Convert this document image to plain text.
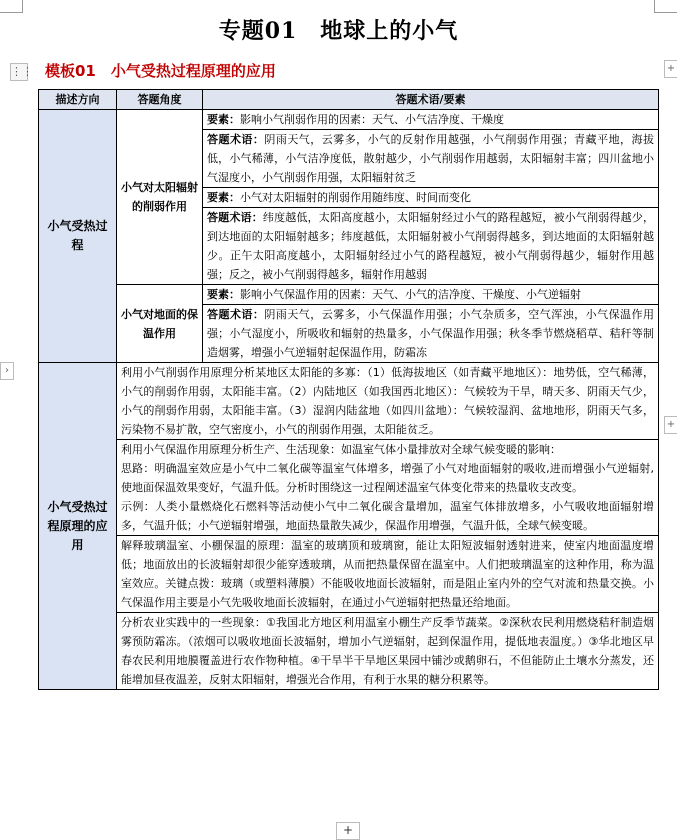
专题01　地球上的小气
⋮⋮ 模板01　小气受热过程原理的应用
›
+
+
描述方向	答题角度	答题术语/要素
小气受热过程	小气对太阳辐射的削弱作用	要素：影响小气削弱作用的因素：天气、小气洁净度、干燥度
		答题术语：阴雨天气，云雾多，小气的反射作用越强，小气削弱作用强；青藏平地，海拔低，小气稀薄，小气洁净度低，散射越少，小气削弱作用越弱，太阳辐射丰富；四川盆地小气湿度小，小气削弱作用强，太阳辐射贫乏
		要素：小气对太阳辐射的削弱作用随纬度、时间而变化
		答题术语：纬度越低，太阳高度越小，太阳辐射经过小气的路程越短，被小气削弱得越少，到达地面的太阳辐射越多；纬度越低，太阳辐射被小气削弱得越多，到达地面的太阳辐射越少。正午太阳高度越小，太阳辐射经过小气的路程越短，被小气削弱得越少，辐射作用越强；反之，被小气削弱得越多，辐射作用越弱
	小气对地面的保温作用	要素：影响小气保温作用的因素：天气、小气的洁净度、干燥度、小气逆辐射
		答题术语：阴雨天气，云雾多，小气保温作用强；小气杂质多，空气浑浊，小气保温作用强；小气湿度小，所吸收和辐射的热量多，小气保温作用强；秋冬季节燃烧稻草、秸秆等制造烟雾，增强小气逆辐射起保温作用，防霜冻
小气受热过程原理的应用	利用小气削弱作用原理分析某地区太阳能的多寡：（1）低海拔地区（如青藏平地地区）：地势低，空气稀薄，小气的削弱作用弱，太阳能丰富。（2）内陆地区（如我国西北地区）：气候较为干旱，晴天多、阴雨天气少，小气的削弱作用弱，太阳能丰富。（3）湿润内陆盆地（如四川盆地）：气候较湿润、盆地地形，阴雨天气多，污染物不易扩散，空气密度小，小气的削弱作用强，太阳能贫乏。	
	利用小气保温作用原理分析生产、生活现象：如温室气体小量排放对全球气候变暖的影响：
思路：明确温室效应是小气中二氧化碳等温室气体增多，增强了小气对地面辐射的吸收,进而增强小气逆辐射,使地面保温效果变好，气温升低。分析时围绕这一过程阐述温室气体变化带来的热量收支改变。
示例：人类小量燃烧化石燃料等活动使小气中二氧化碳含量增加，温室气体排放增多，小气吸收地面辐射增多，气温升低；小气逆辐射增强，地面热量散失减少，保温作用增强，气温升低，全球气候变暖。	
	解释玻璃温室、小棚保温的原理：温室的玻璃顶和玻璃窗，能让太阳短波辐射透射进来，使室内地面温度增低；地面放出的长波辐射却很少能穿透玻璃，从而把热量保留在温室中。人们把玻璃温室的这种作用，称为温室效应。关键点拨：玻璃（或塑料薄膜）不能吸收地面长波辐射，而是阻止室内外的空气对流和热量交换。小气保温作用主要是小气先吸收地面长波辐射，在通过小气逆辐射把热量还给地面。	
	分析农业实践中的一些现象：①我国北方地区利用温室小棚生产反季节蔬菜。②深秋农民利用燃烧秸秆制造烟雾预防霜冻。（浓烟可以吸收地面长波辐射，增加小气逆辐射，起到保温作用，提低地表温度。）③华北地区早春农民利用地膜覆盖进行农作物种植。④干旱半干旱地区果园中铺沙或鹅卵石，不但能防止土壤水分蒸发，还能增加昼夜温差，反射太阳辐射，增强光合作用，有利于水果的糖分积累等。	
+
